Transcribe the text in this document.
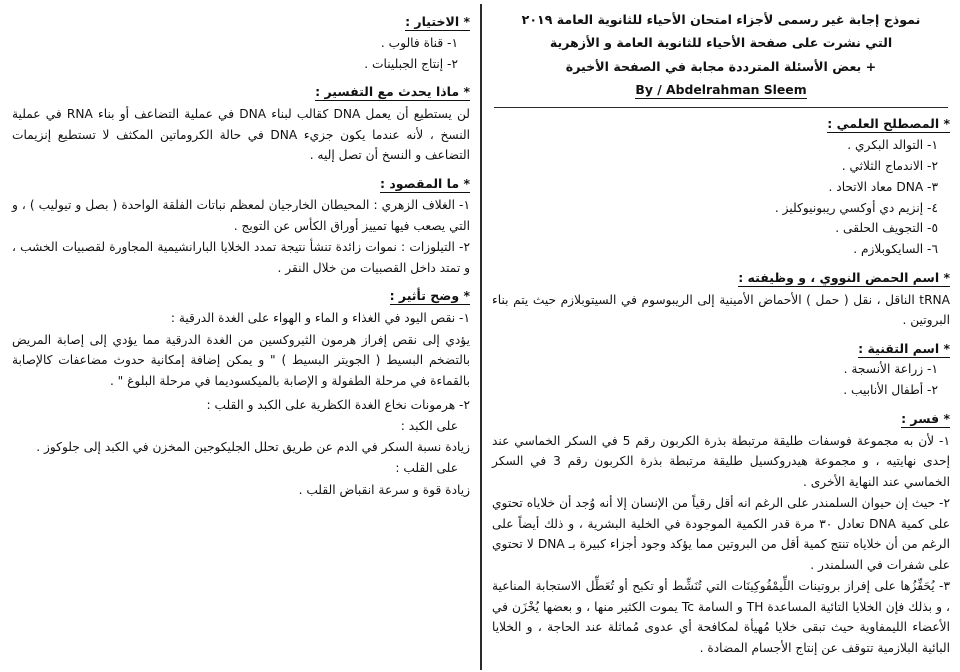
نموذج إجابة غير رسمى لأجزاء امتحان الأحياء للثانوية العامة ٢٠١٩
التي نشرت على صفحة الأحياء للثانوية العامة و الأزهرية
+ بعض الأسئلة المترددة مجابة في الصفحة الأخيرة
By / Abdelrahman Sleem
* المصطلح العلمي :
١- التوالد البكري .
٢- الاندماج الثلاثي .
٣- DNA معاد الاتحاد .
٤- إنزيم دي أوكسي ريبونيوكليز .
٥- التجويف الحلقى .
٦- السايكوبلازم .
* اسم الحمض النووي ، و وظيفته :
tRNA الناقل ، نقل ( حمل ) الأحماض الأمينية إلى الريبوسوم في السيتوبلازم حيث يتم بناء البروتين .
* اسم التقنية :
١- زراعة الأنسجة .
٢- أطفال الأنابيب .
* فسر :
١- لأن به مجموعة فوسفات طليقة مرتبطة بذرة الكربون رقم 5 في السكر الخماسي عند إحدى نهايتيه ، و مجموعة هيدروكسيل طليقة مرتبطة بذرة الكربون رقم 3 في السكر الخماسي عند النهاية الأخرى .
٢- حيث إن حيوان السلمندر على الرغم انه أقل رقياً من الإنسان إلا أنه وُجد أن خلاياه تحتوي على كمية DNA تعادل ٣٠ مرة قدر الكمية الموجودة في الخلية البشرية ، و ذلك أيضاً على الرغم من أن خلاياه تنتج كمية أقل من البروتين مما يؤكد وجود أجزاء كبيرة بـ DNA لا تحتوي على شفرات في السلمندر .
٣- يُحَفِّزُها على إفراز بروتينات اللِّيمْفُوكِينَات التي تُنَشِّط أو تكبح أو تُعَطِّل الاستجابة المناعية ، و بذلك فإن الخلايا التائية المساعدة TH و السامة Tc يموت الكثير منها ، و بعضها يُخْزَن في الأعضاء الليمفاوية حيث تبقى خلايا مُهيأة لمكافحة أي عدوى مُماثلة عند الحاجة ، و الخلايا البائية البلازمية تتوقف عن إنتاج الأجسام المضادة .
* الاختيار :
١- قناة فالوب .
٢- إنتاج الجبلينات .
* ماذا يحدث مع التفسير :
لن يستطيع أن يعمل DNA كقالب لبناء DNA في عملية التضاعف أو بناء RNA في عملية النسخ ، لأنه عندما يكون جزيء DNA في حالة الكروماتين المكثف لا تستطيع إنزيمات التضاعف و النسخ أن تصل إليه .
* ما المقصود :
١- الغلاف الزهري : المحيطان الخارجيان لمعظم نباتات الفلقة الواحدة ( بصل و تيوليب ) ، و التي يصعب فيها تمييز أوراق الكأس عن التويج .
٢- التيلوزات : نموات زائدة تنشأ نتيجة تمدد الخلايا البارانشيمية المجاورة لقصبيات الخشب ، و تمتد داخل القصبيات من خلال النقر .
* وضح تأثير :
١- نقص اليود في الغذاء و الماء و الهواء على الغدة الدرقية :
يؤدي إلى نقص إفراز هرمون الثيروكسين من الغدة الدرقية مما يؤدي إلى إصابة المريض بالتضخم البسيط ( الجويتر البسيط ) " و يمكن إضافة إمكانية حدوث مضاعفات كالإصابة بالقماءة في مرحلة الطفولة و الإصابة بالميكسوديما في مرحلة البلوغ " .
٢- هرمونات نخاع الغدة الكظرية على الكبد و القلب :
على الكبد :
زيادة نسبة السكر في الدم عن طريق تحلل الجليكوجين المخزن في الكبد إلى جلوكوز .
على القلب :
زيادة قوة و سرعة انقباض القلب .
